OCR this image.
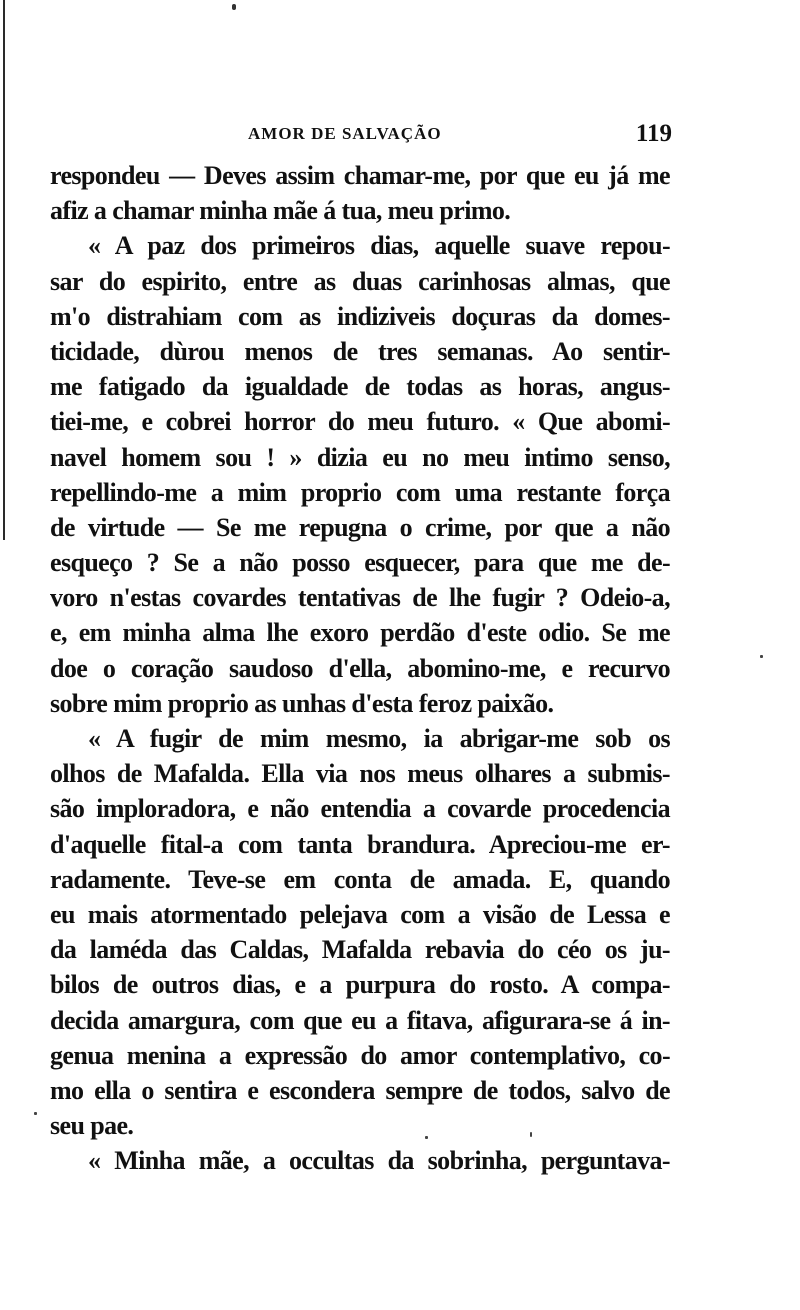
AMOR DE SALVAÇÃO	119
respondeu — Deves assim chamar-me, por que eu já me
afiz a chamar minha mãe á tua, meu primo.
« A paz dos primeiros dias, aquelle suave repou-
sar do espirito, entre as duas carinhosas almas, que
m'o distrahiam com as indiziveis doçuras da domes-
ticidade, dùrou menos de tres semanas. Ao sentir-
me fatigado da igualdade de todas as horas, angus-
tiei-me, e cobrei horror do meu futuro. « Que abomi-
navel homem sou ! » dizia eu no meu intimo senso,
repellindo-me a mim proprio com uma restante força
de virtude — Se me repugna o crime, por que a não
esqueço ? Se a não posso esquecer, para que me de-
voro n'estas covardes tentativas de lhe fugir ? Odeio-a,
e, em minha alma lhe exoro perdão d'este odio. Se me
doe o coração saudoso d'ella, abomino-me, e recurvo
sobre mim proprio as unhas d'esta feroz paixão.
« A fugir de mim mesmo, ia abrigar-me sob os
olhos de Mafalda. Ella via nos meus olhares a submis-
são imploradora, e não entendia a covarde procedencia
d'aquelle fital-a com tanta brandura. Apreciou-me er-
radamente. Teve-se em conta de amada. E, quando
eu mais atormentado pelejava com a visão de Lessa e
da laméda das Caldas, Mafalda rebavia do céo os ju-
bilos de outros dias, e a purpura do rosto. A compa-
decida amargura, com que eu a fitava, afigurara-se á in-
genua menina a expressão do amor contemplativo, co-
mo ella o sentira e escondera sempre de todos, salvo de
seu pae.
« Minha mãe, a occultas da sobrinha, perguntava-
